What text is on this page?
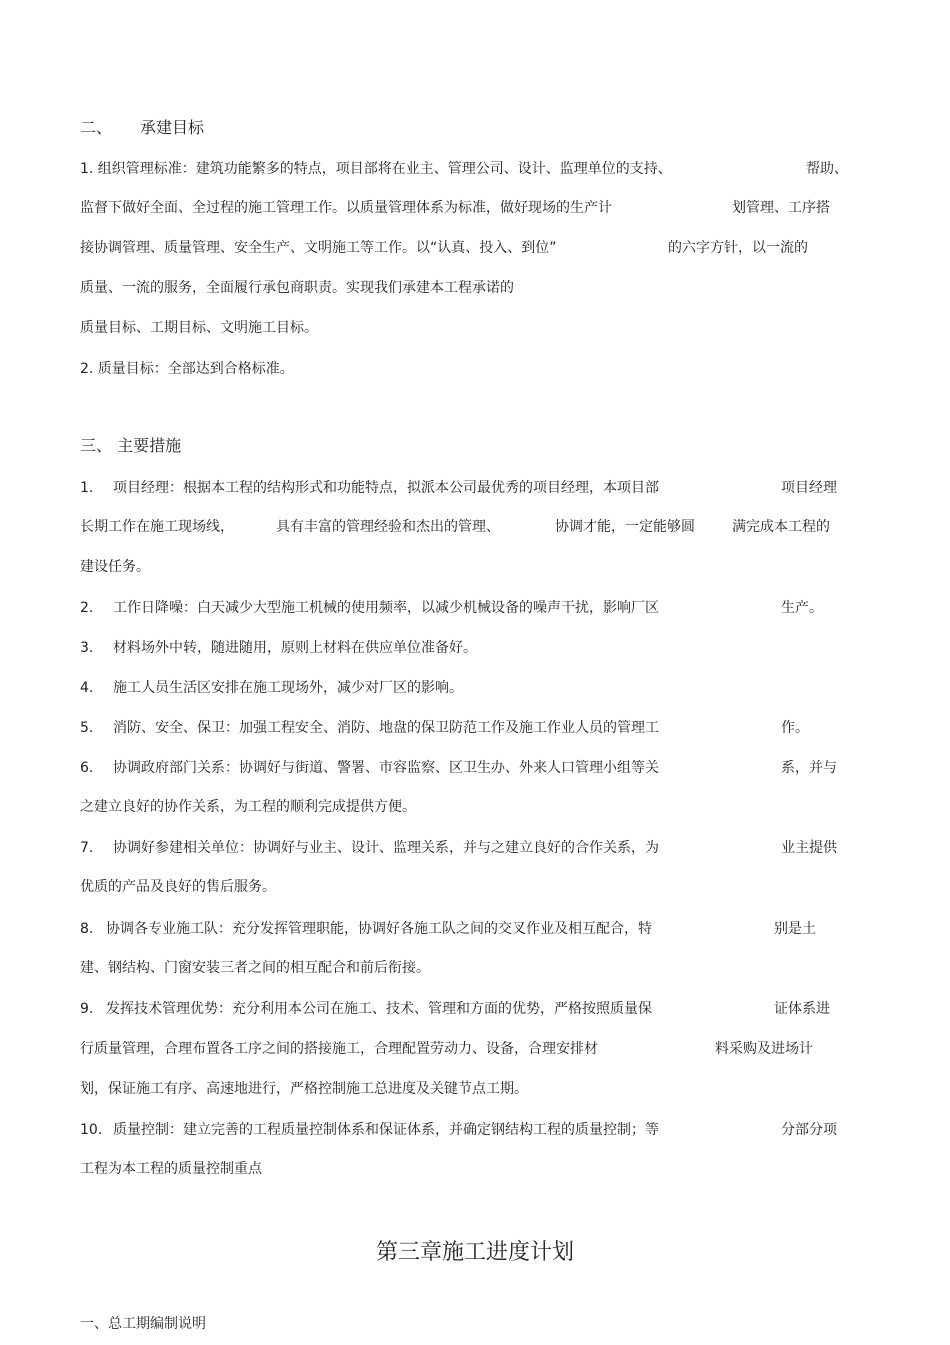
二、 承建目标
1. 组织管理标准：建筑功能繁多的特点，项目部将在业主、管理公司、设计、监理单位的支持、	帮助、
监督下做好全面、全过程的施工管理工作。以质量管理体系为标准，做好现场的生产计	划管理、工序搭
接协调管理、质量管理、安全生产、文明施工等工作。以“认真、投入、到位”	的六字方针，以一流的
质量、一流的服务，全面履行承包商职责。实现我们承建本工程承诺的
质量目标、工期目标、文明施工目标。
2. 质量目标：全部达到合格标准。
三、 主要措施
1. 项目经理：根据本工程的结构形式和功能特点，拟派本公司最优秀的项目经理，本项目部	项目经理
长期工作在施工现场线，	具有丰富的管理经验和杰出的管理、	协调才能，一定能够圆	满完成本工程的
建设任务。
2. 工作日降噪：白天减少大型施工机械的使用频率，以减少机械设备的噪声干扰，影响厂区	生产。
3. 材料场外中转，随进随用，原则上材料在供应单位准备好。
4. 施工人员生活区安排在施工现场外，减少对厂区的影响。
5. 消防、安全、保卫：加强工程安全、消防、地盘的保卫防范工作及施工作业人员的管理工	作。
6. 协调政府部门关系：协调好与街道、警署、市容监察、区卫生办、外来人口管理小组等关	系，并与
之建立良好的协作关系，为工程的顺利完成提供方便。
7. 协调好参建相关单位：协调好与业主、设计、监理关系，并与之建立良好的合作关系，为	业主提供
优质的产品及良好的售后服务。
8. 协调各专业施工队：充分发挥管理职能，协调好各施工队之间的交叉作业及相互配合，特	别是土
建、钢结构、门窗安装三者之间的相互配合和前后衔接。
9. 发挥技术管理优势：充分利用本公司在施工、技术、管理和方面的优势，严格按照质量保	证体系进
行质量管理，合理布置各工序之间的搭接施工，合理配置劳动力、设备，合理安排材	料采购及进场计
划，保证施工有序、高速地进行，严格控制施工总进度及关键节点工期。
10. 质量控制：建立完善的工程质量控制体系和保证体系，并确定钢结构工程的质量控制；等	分部分项
工程为本工程的质量控制重点
第三章施工进度计划
一、总工期编制说明
